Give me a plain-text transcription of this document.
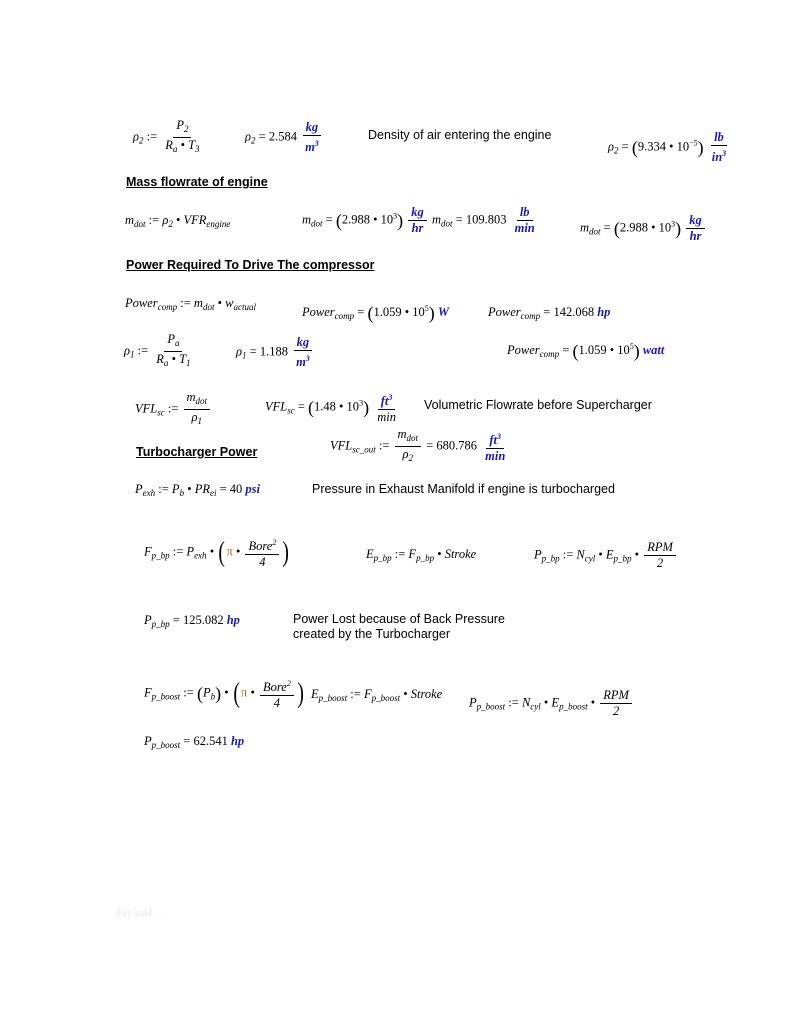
$\rho_2$ := $\frac{P_2}{R_a • T_3}$	$\rho_2 = 2.584 \frac{kg}{m^3}$	Density of air entering the engine
$\rho_2 = (9.334$ • $10^{-5}) \frac{lb}{in^3}$
Mass flowrate of engine
$m_{dot}$ := $\rho_2$ • $VFR_{engine}$	$m_{dot} = (2.988$ • $10^3) \frac{kg}{hr} m_{dot} = 109.803 \frac{lb}{\min}$	$m_{dot} = (2.988$ • $10^3) \frac{kg}{hr}$
Power Required To Drive The compressor
Power$_{comp}$ := $m_{dot}$ • $w_{actual}$	Power$_{comp}$ = (1.059 • $10^5$) W	Power$_{comp}$ = 142.068 hp
Power$_{comp}$ = (1.059 • $10^5$) watt
$\rho_1$ := $\frac{P_a}{R_a • T_1}$	$\rho_1 = 1.188 \frac{kg}{m^3}$
$VFL_{sc}$ := $\frac{m_{dot}}{\rho_1}$	$VFL_{sc} = (1.48$ • $10^3) \frac{ft^3}{\min}$ Volumetric Flowrate before Supercharger
$VFL_{sc\_out}$ := $\frac{m_{dot}}{\rho_2} = 680.786 \frac{ft^3}{\min}$
Turbocharger Power
$P_{exh}$ := $P_b$ • $PR_{ei} = 40$ psi	Pressure in Exhaust Manifold if engine is turbocharged
$F_{p\_bp}$ := $P_{exh}$ • (π • $\frac{Bore^2}{4}$ )	$E_{p\_bp}$ := $F_{p\_bp}$ • Stroke	$P_{p\_bp}$ := $N_{cyl}$ • $E_{p\_bp}$ • $\frac{\text{RPM}}{2}$
$P_{p\_bp} = 125.082$ hp	Power Lost because of Back Pressure
created by the Turbocharger
$F_{p\_boost}$ := $(P_b)$ • (π • $\frac{Bore^2}{4}$ ) $E_{p\_boost}$ := $F_{p\_boost}$ • Stroke
$P_{p\_boost}$ := $N_{cyl}$ • $E_{p\_boost}$ • $\frac{\text{RPM}}{2}$
$P_{p\_boost} = 62.541$ hp
Pay load ...
